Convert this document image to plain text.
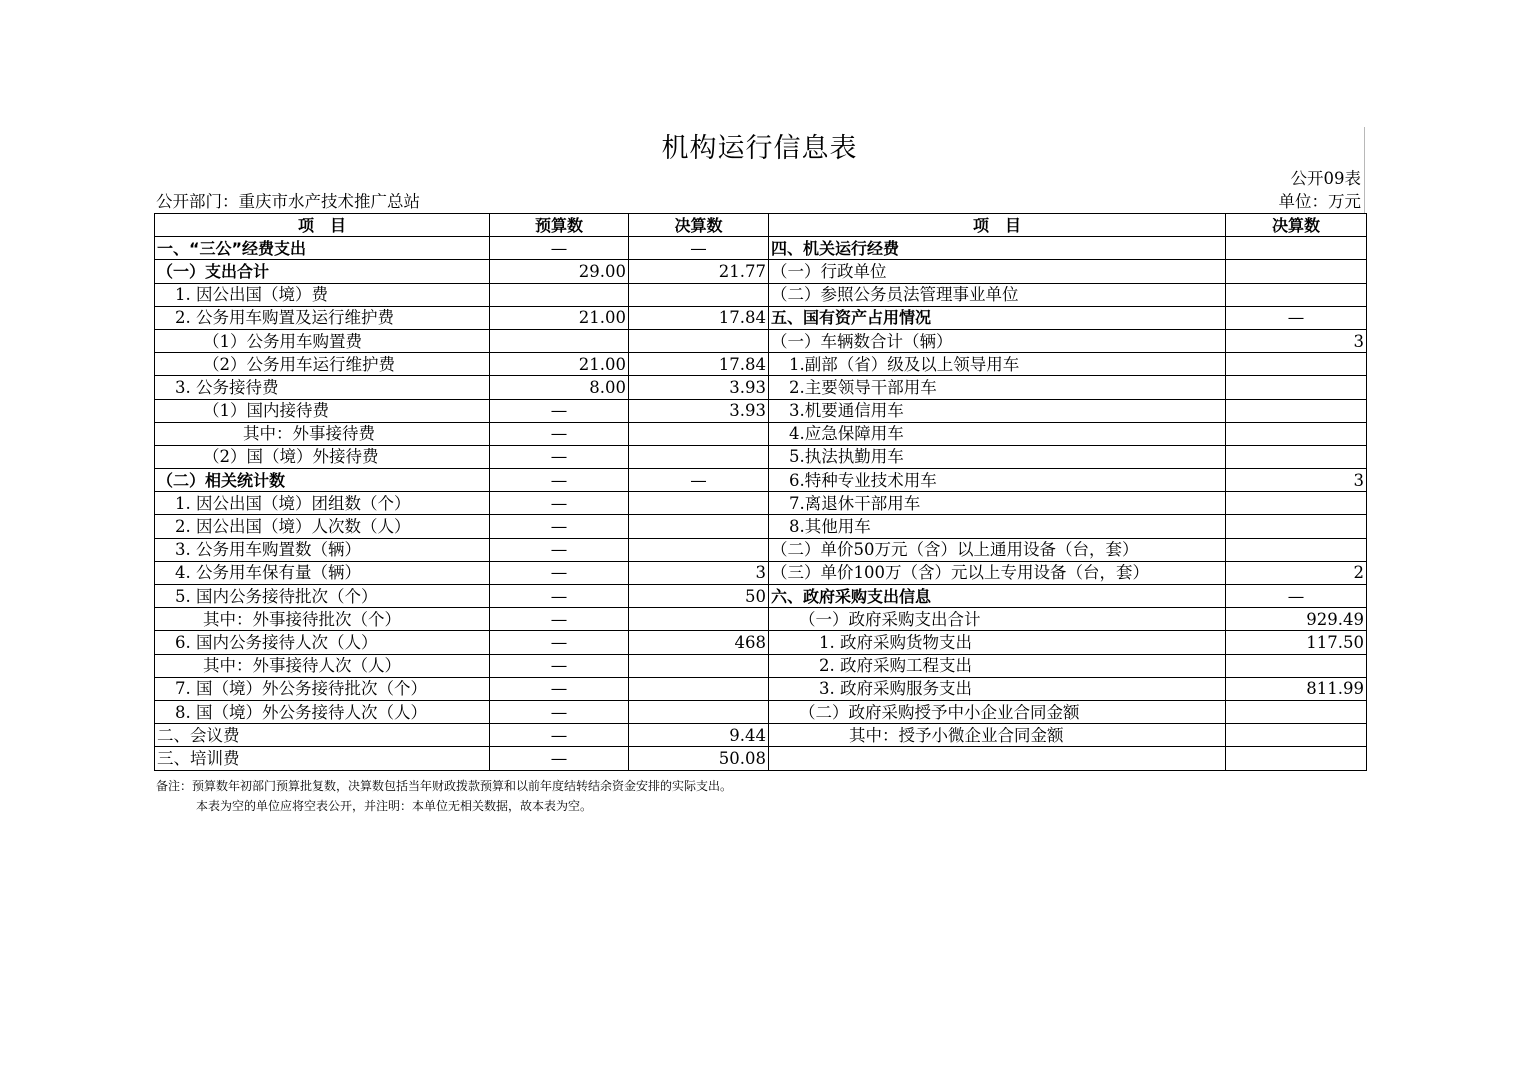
机构运行信息表
公开09表
公开部门：重庆市水产技术推广总站	单位：万元
项　目	预算数	决算数	项　目	决算数
一、“三公”经费支出	—	—	四、机关运行经费	
（一）支出合计	29.00	21.77	（一）行政单位	
1. 因公出国（境）费			（二）参照公务员法管理事业单位	
2. 公务用车购置及运行维护费	21.00	17.84	五、国有资产占用情况	—
（1）公务用车购置费			（一）车辆数合计（辆）	3
（2）公务用车运行维护费	21.00	17.84	1.副部（省）级及以上领导用车	
3. 公务接待费	8.00	3.93	2.主要领导干部用车	
（1）国内接待费	—	3.93	3.机要通信用车	
其中：外事接待费	—		4.应急保障用车	
（2）国（境）外接待费	—		5.执法执勤用车	
（二）相关统计数	—	—	6.特种专业技术用车	3
1. 因公出国（境）团组数（个）	—		7.离退休干部用车	
2. 因公出国（境）人次数（人）	—		8.其他用车	
3. 公务用车购置数（辆）	—		（二）单价50万元（含）以上通用设备（台，套）	
4. 公务用车保有量（辆）	—	3	（三）单价100万（含）元以上专用设备（台，套）	2
5. 国内公务接待批次（个）	—	50	六、政府采购支出信息	—
其中：外事接待批次（个）	—		（一）政府采购支出合计	929.49
6. 国内公务接待人次（人）	—	468	1. 政府采购货物支出	117.50
其中：外事接待人次（人）	—		2. 政府采购工程支出	
7. 国（境）外公务接待批次（个）	—		3. 政府采购服务支出	811.99
8. 国（境）外公务接待人次（人）	—		（二）政府采购授予中小企业合同金额	
二、会议费	—	9.44	其中：授予小微企业合同金额	
三、培训费	—	50.08		
备注：预算数年初部门预算批复数，决算数包括当年财政拨款预算和以前年度结转结余资金安排的实际支出。
本表为空的单位应将空表公开，并注明：本单位无相关数据，故本表为空。
